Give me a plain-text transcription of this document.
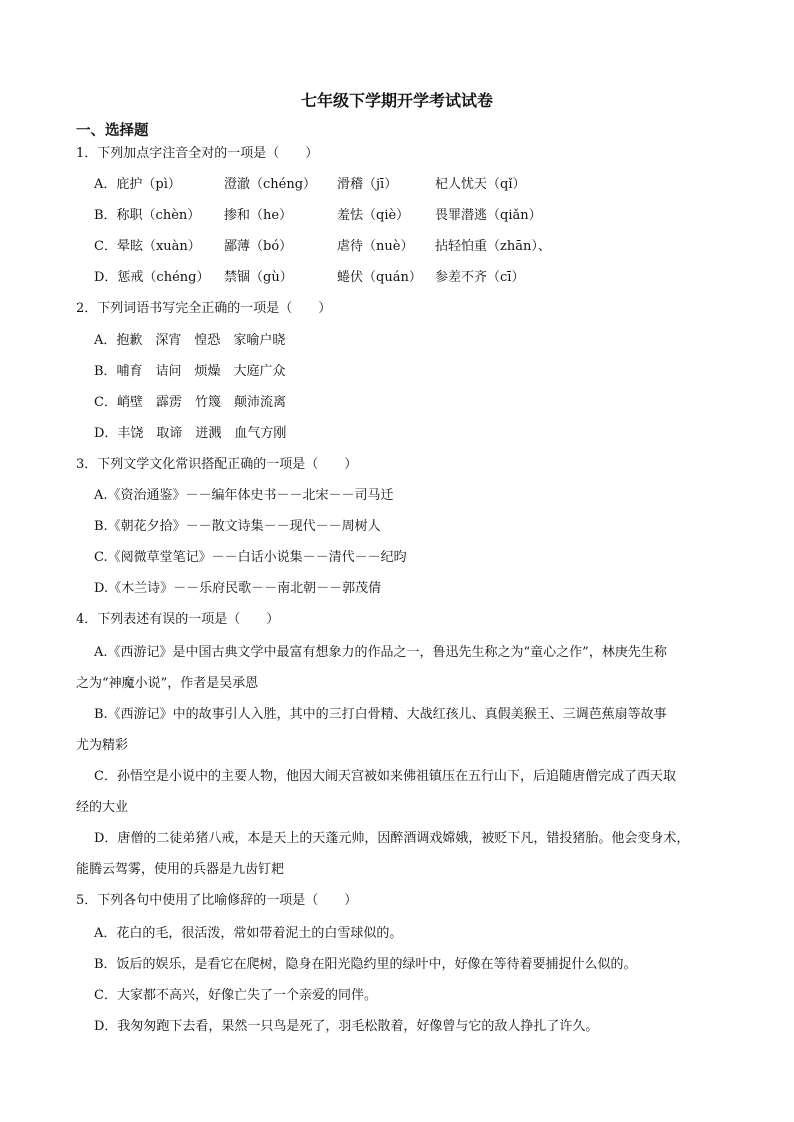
七年级下学期开学考试试卷
一、选择题
1．下列加点字注音全对的一项是（　　）
A．庇护（pì）	澄澈（chéng） 滑稽（jī）	杞人忧天（qǐ）
B．称职（chèn） 掺和（he）	羞怯（qiè） 畏罪潜逃（qiǎn）
C．晕眩（xuàn） 鄙薄（bó）	虐待（nuè） 拈轻怕重（zhān）、
D．惩戒（chéng） 禁锢（gù）	蜷伏（quán） 参差不齐（cī）
2．下列词语书写完全正确的一项是（　　）
A．抱歉　深宵　惶恐　家喻户晓
B．哺育　诘问　烦燥　大庭广众
C．峭壁　霹雳　竹篾　颠沛流离
D．丰饶　取谛　迸溅　血气方刚
3．下列文学文化常识搭配正确的一项是（　　）
A.《资治通鉴》－－编年体史书－－北宋－－司马迁
B.《朝花夕拾》－－散文诗集－－现代－－周树人
C.《阅微草堂笔记》－－白话小说集－－清代－－纪昀
D.《木兰诗》－－乐府民歌－－南北朝－－郭茂倩
4．下列表述有误的一项是（　　）
A.《西游记》是中国古典文学中最富有想象力的作品之一，鲁迅先生称之为“童心之作”，林庚先生称
之为“神魔小说”，作者是吴承恩
B.《西游记》中的故事引人入胜，其中的三打白骨精、大战红孩儿、真假美猴王、三调芭蕉扇等故事
尤为精彩
C．孙悟空是小说中的主要人物，他因大闹天宫被如来佛祖镇压在五行山下，后追随唐僧完成了西天取
经的大业
D．唐僧的二徒弟猪八戒，本是天上的天蓬元帅，因醉酒调戏嫦娥，被贬下凡，错投猪胎。他会变身术，
能腾云驾雾，使用的兵器是九齿钉耙
5．下列各句中使用了比喻修辞的一项是（　　）
A．花白的毛，很活泼，常如带着泥土的白雪球似的。
B．饭后的娱乐，是看它在爬树，隐身在阳光隐约里的绿叶中，好像在等待着要捕捉什么似的。
C．大家都不高兴，好像亡失了一个亲爱的同伴。
D．我匆匆跑下去看，果然一只鸟是死了，羽毛松散着，好像曾与它的敌人挣扎了许久。
